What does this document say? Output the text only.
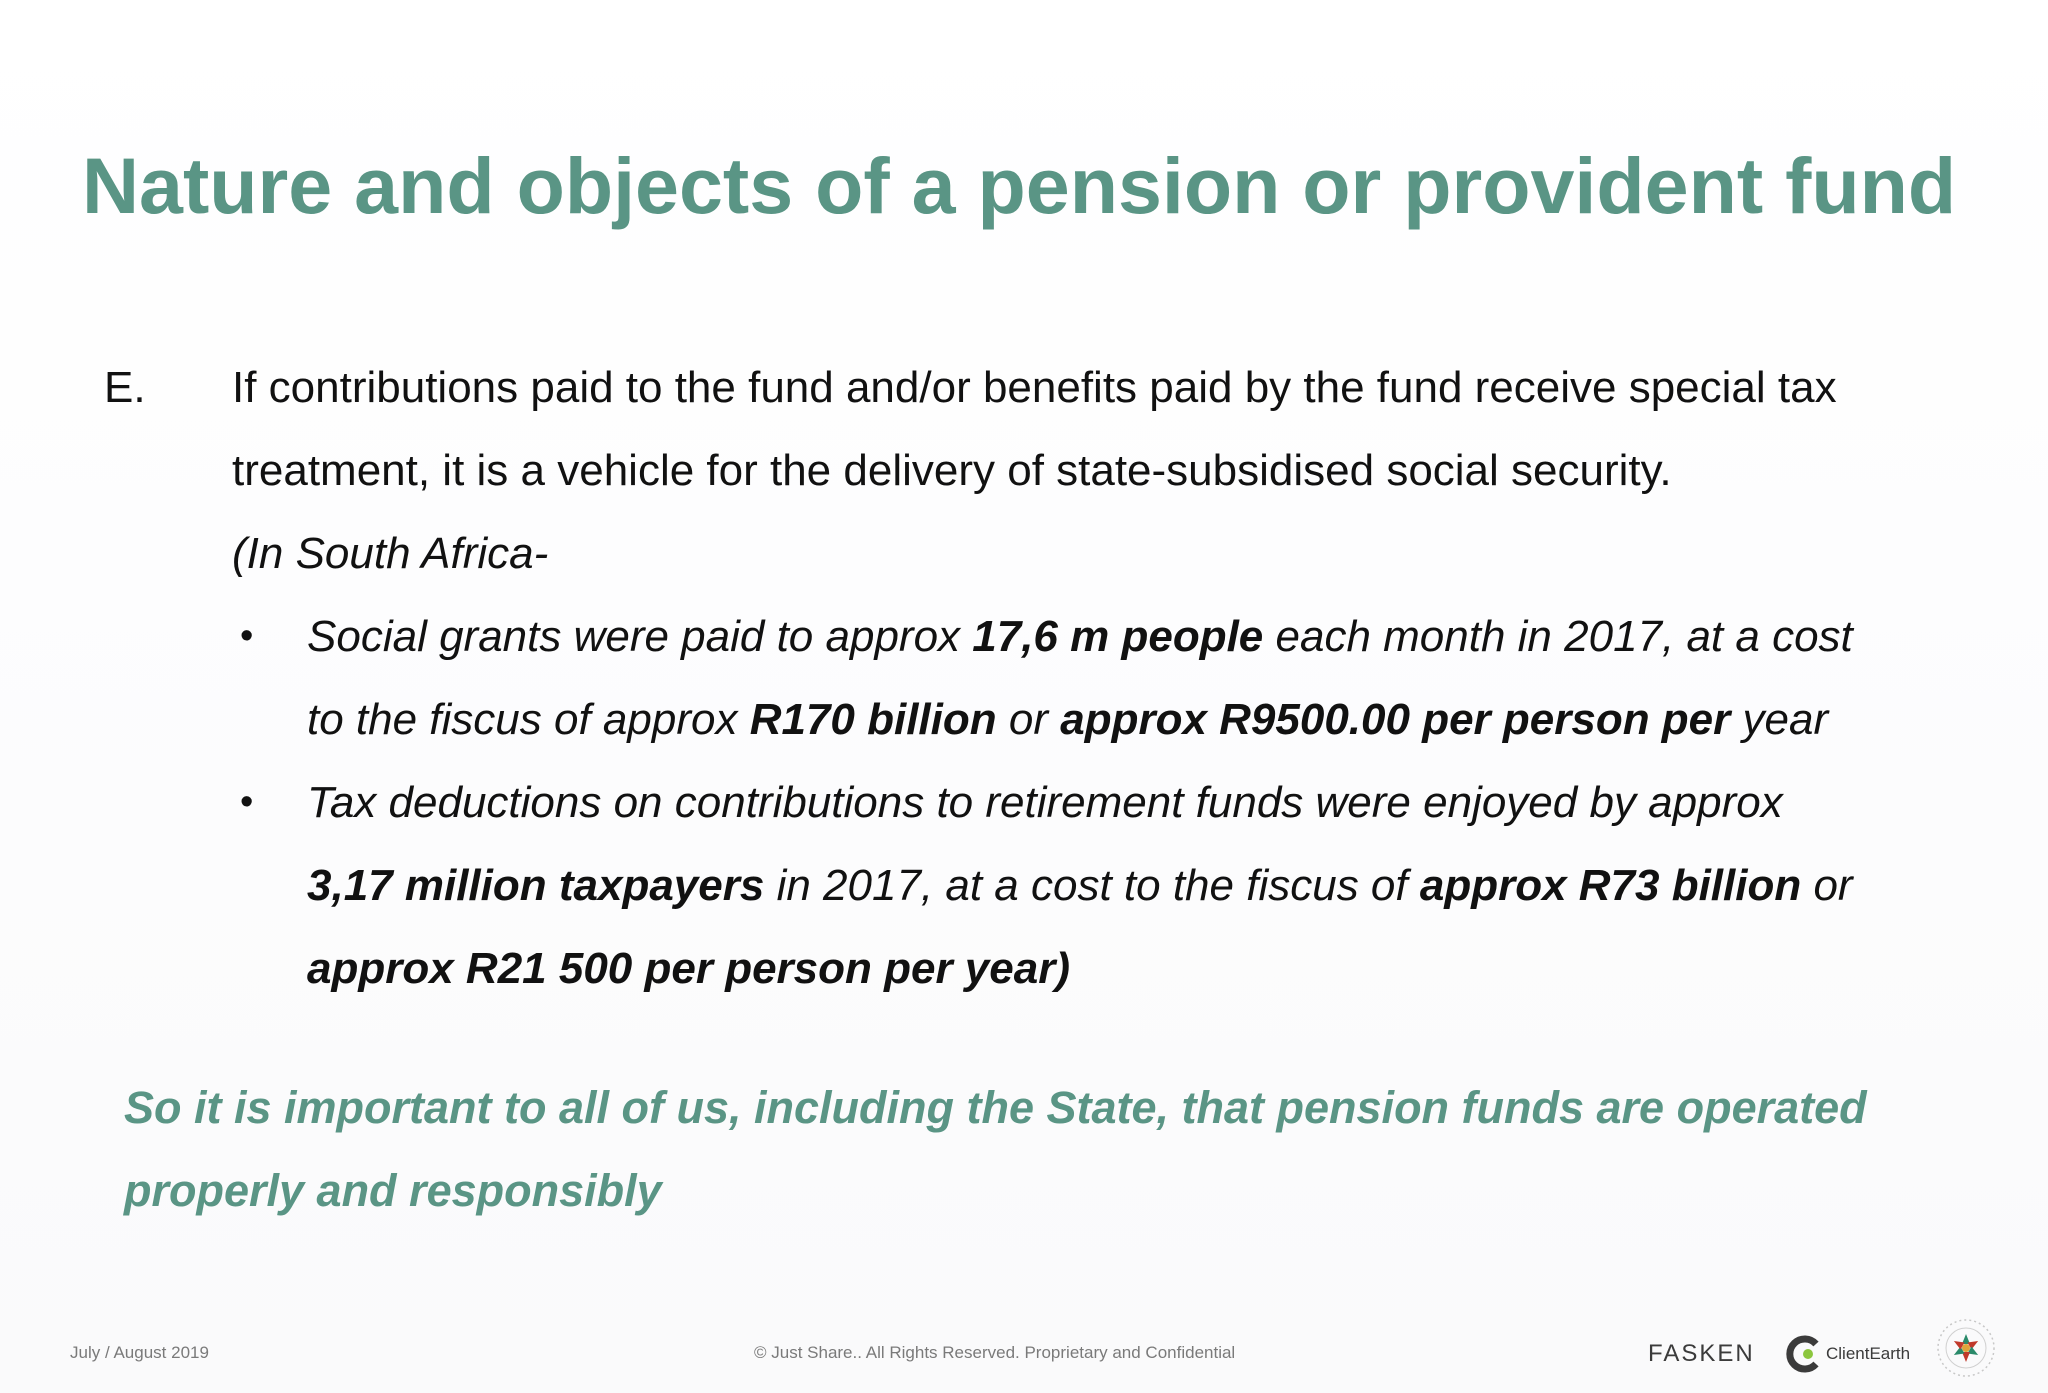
Nature and objects of a pension or provident fund
E. If contributions paid to the fund and/or benefits paid by the fund receive special tax
treatment, it is a vehicle for the delivery of state-subsidised social security.
(In South Africa-
• Social grants were paid to approx 17,6 m people each month in 2017, at a cost
to the fiscus of approx R170 billion or approx R9500.00 per person per year
• Tax deductions on contributions to retirement funds were enjoyed by approx
3,17 million taxpayers in 2017, at a cost to the fiscus of approx R73 billion or
approx R21 500 per person per year)
So it is important to all of us, including the State, that pension funds are operated
properly and responsibly
July / August 2019	© Just Share.. All Rights Reserved. Proprietary and Confidential	FASKEN	ClientEarth
